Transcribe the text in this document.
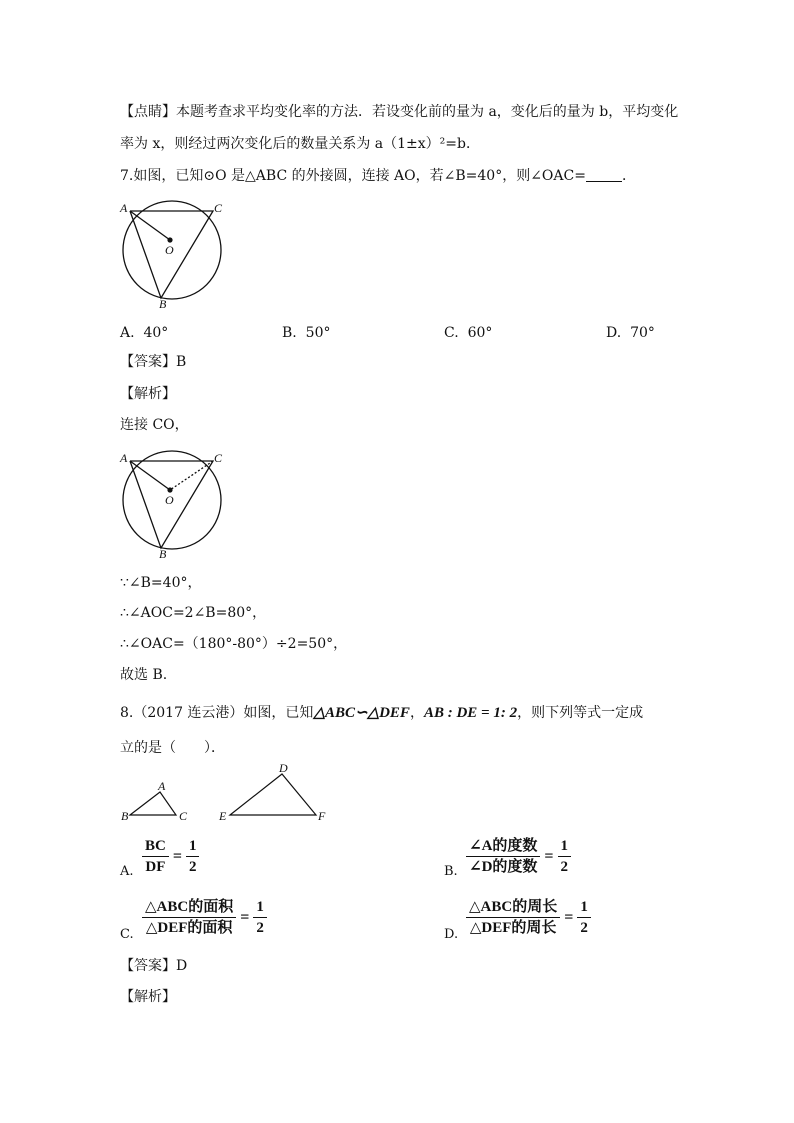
【点睛】本题考查求平均变化率的方法．若设变化前的量为 a，变化后的量为 b，平均变化
率为 x，则经过两次变化后的数量关系为 a（1±x）²=b．
7.如图，已知⊙O 是△ABC 的外接圆，连接 AO，若∠B=40°，则∠OAC=	．
A	C
O
B
A. 40°	B. 50°	C. 60°	D. 70°
【答案】B
【解析】
连接 CO，
A	C
O
B
∵∠B=40°，
∴∠AOC=2∠B=80°，
∴∠OAC=（180°-80°）÷2=50°，
故选 B.
8.（2017 连云港）如图，已知△ABC∽△DEF，AB : DE = 1: 2，则下列等式一定成
立的是（　　）．
A
B	C
D
E	F
A. $\frac{BC}{DF} = \frac{1}{2}$	B. $\frac{\text{∠A的度数}}{\text{∠D的度数}} = \frac{1}{2}$
C. $\frac{\text{△ABC的面积}}{\text{△DEF的面积}} = \frac{1}{2}$	D. $\frac{\text{△ABC的周长}}{\text{△DEF的周长}} = \frac{1}{2}$
【答案】D
【解析】
